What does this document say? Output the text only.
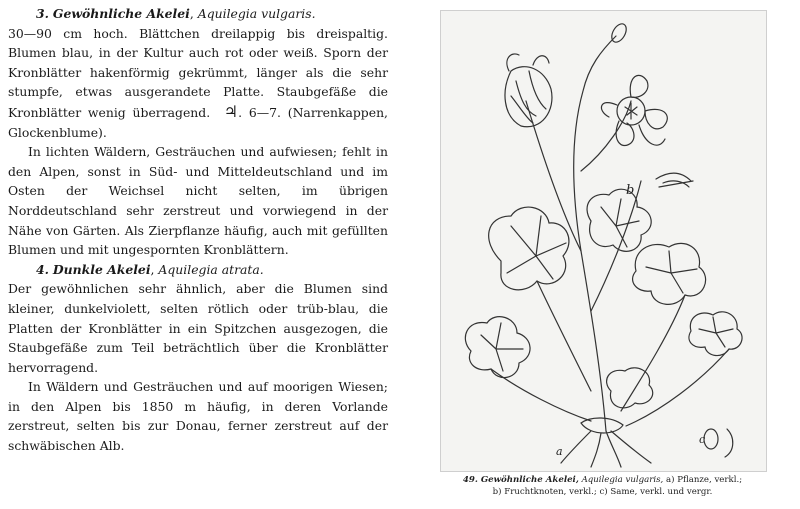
3. Gewöhnliche Akelei, Aquilegia vulgaris.

30—90 cm hoch. Blättchen dreilappig bis dreispaltig. Blumen blau, in der Kultur auch rot oder weiß. Sporn der Kronblätter hakenförmig gekrümmt, länger als die sehr stumpfe, etwas ausgerandete Platte. Staubgefäße die Kronblätter wenig überragend. ♃. 6—7. (Narrenkappen, Glockenblume).

In lichten Wäldern, Gesträuchen und aufwiesen; fehlt in den Alpen, sonst in Süd- und Mitteldeutschland und im Osten der Weichsel nicht selten, im übrigen Norddeutschland sehr zerstreut und vorwiegend in der Nähe von Gärten. Als Zierpflanze häufig, auch mit gefüllten Blumen und mit ungespornten Kronblättern.

4. Dunkle Akelei, Aquilegia atrata.

Der gewöhnlichen sehr ähnlich, aber die Blumen sind kleiner, dunkelviolett, selten rötlich oder trüb-blau, die Platten der Kronblätter in ein Spitzchen ausgezogen, die Staubgefäße zum Teil beträchtlich über die Kronblätter hervorragend.

In Wäldern und Gesträuchen und auf moorigen Wiesen; in den Alpen bis 1850 m häufig, in deren Vorlande zerstreut, selten bis zur Donau, ferner zerstreut auf der schwäbischen Alb.

b
a
c
49. Gewöhnliche Akelei, Aquilegia vulgaris, a) Pflanze, verkl.;
b) Fruchtknoten, verkl.; c) Same, verkl. und vergr.
